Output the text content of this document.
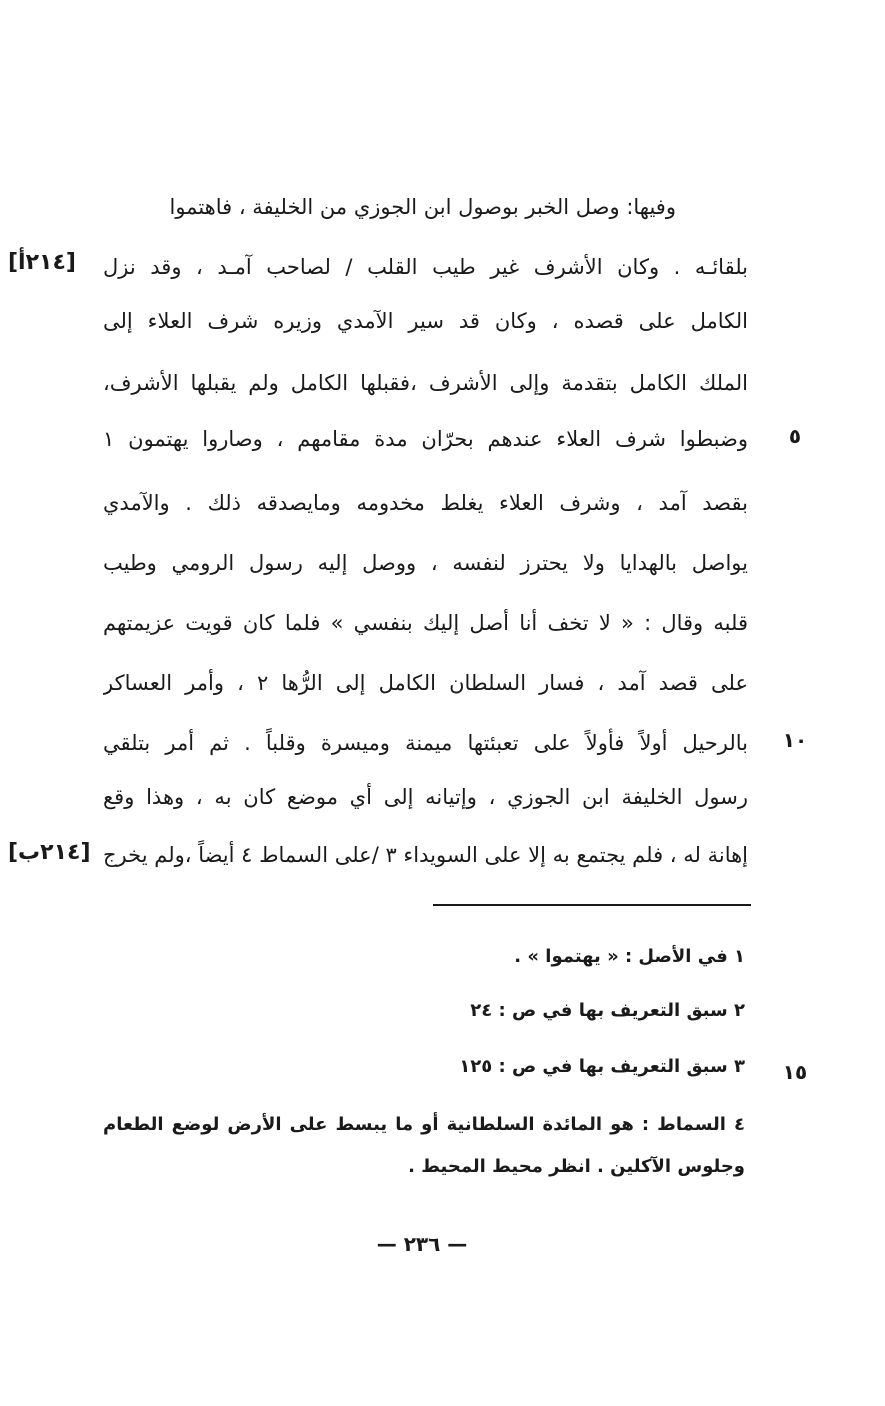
وفيها: وصل الخبر بوصول ابن الجوزي من الخليفة ، فاهتموا
بلقائـه . وكان الأشرف غير طيب القلب / لصاحب آمـد ، وقد نزل
الكامل على قصده ، وكان قد سير الآمدي وزيره شرف العلاء إلى
الملك الكامل بتقدمة وإلى الأشرف ،فقبلها الكامل ولم يقبلها الأشرف،
وضبطوا شرف العلاء عندهم بحرّان مدة مقامهم ، وصاروا يهتمون ١
بقصد آمد ، وشرف العلاء يغلط مخدومه ومايصدقه ذلك . والآمدي
يواصل بالهدايا ولا يحترز لنفسه ، ووصل إليه رسول الرومي وطيب
قلبه وقال : « لا تخف أنا أصل إليك بنفسي » فلما كان قويت عزيمتهم
على قصد آمد ، فسار السلطان الكامل إلى الرُّها ٢ ، وأمر العساكر
بالرحيل أولاً فأولاً على تعبئتها ميمنة وميسرة وقلباً . ثم أمر بتلقي
رسول الخليفة ابن الجوزي ، وإتيانه إلى أي موضع كان به ، وهذا وقع
إهانة له ، فلم يجتمع به إلا على السويداء ٣ /على السماط ٤ أيضاً ،ولم يخرج
[٢١٤أ]
[٢١٤ب]
٥
١٠
١٥
١ في الأصل : « يهتموا » .
٢ سبق التعريف بها في ص : ٢٤
٣ سبق التعريف بها في ص : ١٢٥
٤ السماط : هو المائدة السلطانية أو ما يبسط على الأرض لوضع الطعام
وجلوس الآكلين . انظر محيط المحيط .
— ٢٣٦ —
